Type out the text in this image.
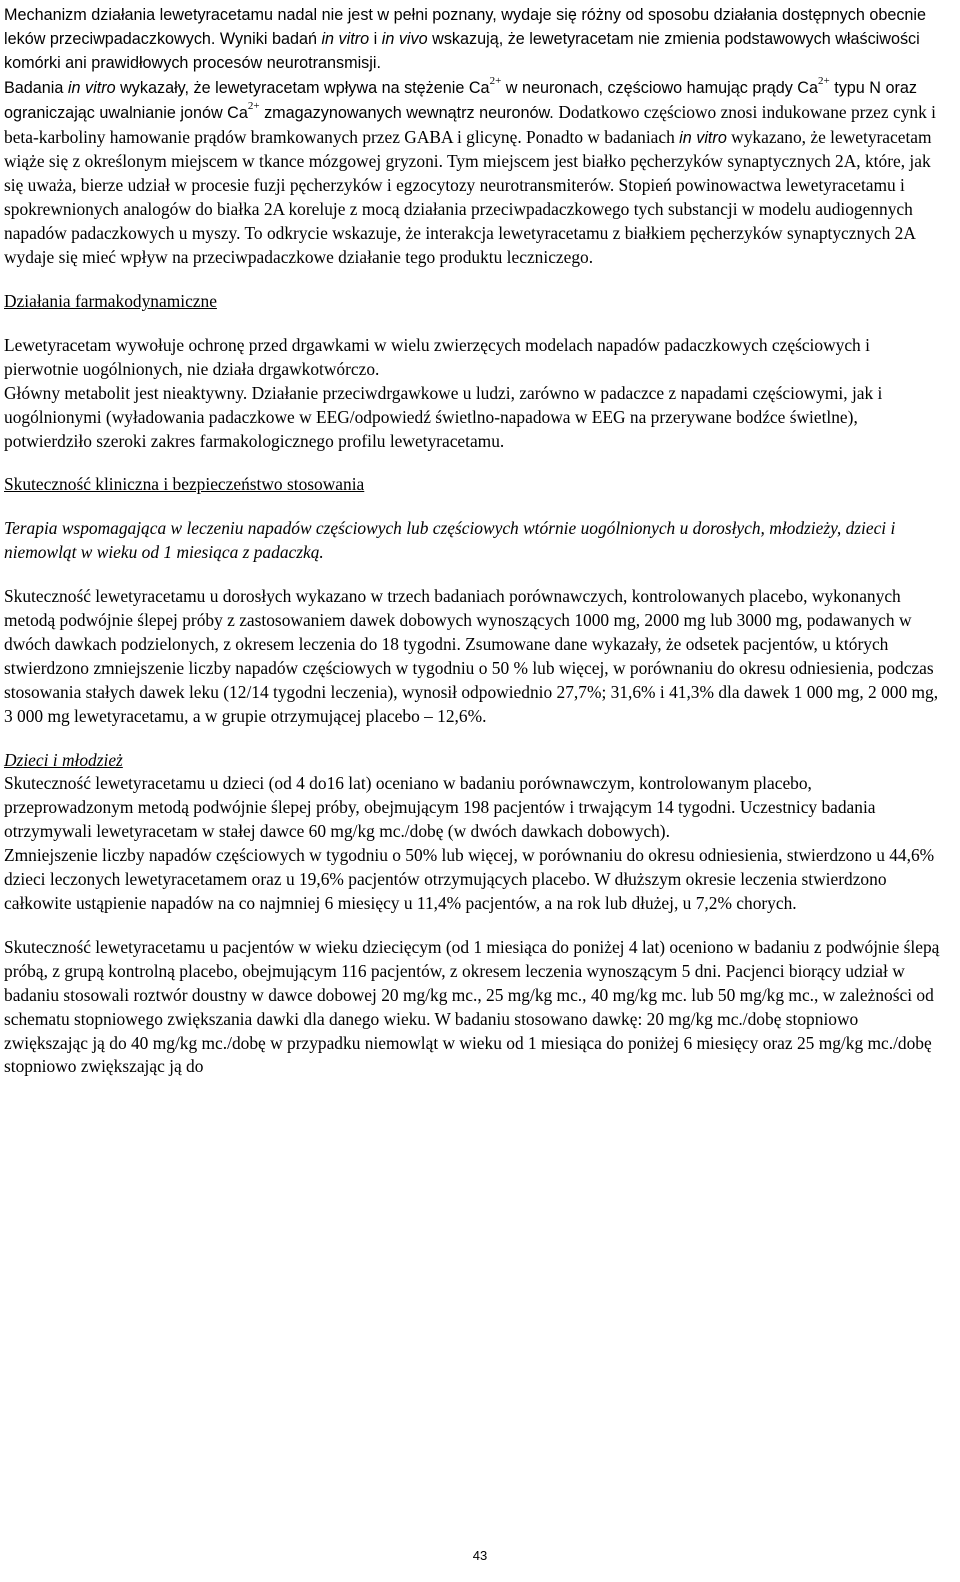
Mechanizm działania lewetyracetamu nadal nie jest w pełni poznany, wydaje się różny od sposobu działania dostępnych obecnie leków przeciwpadaczkowych. Wyniki badań in vitro i in vivo wskazują, że lewetyracetam nie zmienia podstawowych właściwości komórki ani prawidłowych procesów neurotransmisji.

Badania in vitro wykazały, że lewetyracetam wpływa na stężenie $Ca^{2+}$ w neuronach, częściowo hamując prądy $Ca^{2+}$ typu N oraz ograniczając uwalnianie jonów $Ca^{2+}$ zmagazynowanych wewnątrz neuronów. Dodatkowo częściowo znosi indukowane przez cynk i beta-karboliny hamowanie prądów bramkowanych przez GABA i glicynę. Ponadto w badaniach in vitro wykazano, że lewetyracetam wiąże się z określonym miejscem w tkance mózgowej gryzoni. Tym miejscem jest białko pęcherzyków synaptycznych 2A, które, jak się uważa, bierze udział w procesie fuzji pęcherzyków i egzocytozy neurotransmiterów. Stopień powinowactwa lewetyracetamu i spokrewnionych analogów do białka 2A koreluje z mocą działania przeciwpadaczkowego tych substancji w modelu audiogennych napadów padaczkowych u myszy. To odkrycie wskazuje, że interakcja lewetyracetamu z białkiem pęcherzyków synaptycznych 2A wydaje się mieć wpływ na przeciwpadaczkowe działanie tego produktu leczniczego.

Działania farmakodynamiczne

Lewetyracetam wywołuje ochronę przed drgawkami w wielu zwierzęcych modelach napadów padaczkowych częściowych i pierwotnie uogólnionych, nie działa drgawkotwórczo.

Główny metabolit jest nieaktywny. Działanie przeciwdrgawkowe u ludzi, zarówno w padaczce z napadami częściowymi, jak i uogólnionymi (wyładowania padaczkowe w EEG/odpowiedź świetlno-napadowa w EEG na przerywane bodźce świetlne), potwierdziło szeroki zakres farmakologicznego profilu lewetyracetamu.

Skuteczność kliniczna i bezpieczeństwo stosowania

Terapia wspomagająca w leczeniu napadów częściowych lub częściowych wtórnie uogólnionych u dorosłych, młodzieży, dzieci i niemowląt w wieku od 1 miesiąca z padaczką.

Skuteczność lewetyracetamu u dorosłych wykazano w trzech badaniach porównawczych, kontrolowanych placebo, wykonanych metodą podwójnie ślepej próby z zastosowaniem dawek dobowych wynoszących 1000 mg, 2000 mg lub 3000 mg, podawanych w dwóch dawkach podzielonych, z okresem leczenia do 18 tygodni. Zsumowane dane wykazały, że odsetek pacjentów, u których stwierdzono zmniejszenie liczby napadów częściowych w tygodniu o 50 % lub więcej, w porównaniu do okresu odniesienia, podczas stosowania stałych dawek leku (12/14 tygodni leczenia), wynosił odpowiednio 27,7%; 31,6% i 41,3% dla dawek 1 000 mg, 2 000 mg, 3 000 mg lewetyracetamu, a w grupie otrzymującej placebo – 12,6%.

Dzieci i młodzież

Skuteczność lewetyracetamu u dzieci (od 4 do16 lat) oceniano w badaniu porównawczym, kontrolowanym placebo, przeprowadzonym metodą podwójnie ślepej próby, obejmującym 198 pacjentów i trwającym 14 tygodni. Uczestnicy badania otrzymywali lewetyracetam w stałej dawce 60 mg/kg mc./dobę (w dwóch dawkach dobowych).

Zmniejszenie liczby napadów częściowych w tygodniu o 50% lub więcej, w porównaniu do okresu odniesienia, stwierdzono u 44,6% dzieci leczonych lewetyracetamem oraz u 19,6% pacjentów otrzymujących placebo. W dłuższym okresie leczenia stwierdzono całkowite ustąpienie napadów na co najmniej 6 miesięcy u 11,4% pacjentów, a na rok lub dłużej, u 7,2% chorych.

Skuteczność lewetyracetamu u pacjentów w wieku dziecięcym (od 1 miesiąca do poniżej 4 lat) oceniono w badaniu z podwójnie ślepą próbą, z grupą kontrolną placebo, obejmującym 116 pacjentów, z okresem leczenia wynoszącym 5 dni. Pacjenci biorący udział w badaniu stosowali roztwór doustny w dawce dobowej 20 mg/kg mc., 25 mg/kg mc., 40 mg/kg mc. lub 50 mg/kg mc., w zależności od schematu stopniowego zwiększania dawki dla danego wieku. W badaniu stosowano dawkę: 20 mg/kg mc./dobę stopniowo zwiększając ją do 40 mg/kg mc./dobę w przypadku niemowląt w wieku od 1 miesiąca do poniżej 6 miesięcy oraz 25 mg/kg mc./dobę stopniowo zwiększając ją do

43
